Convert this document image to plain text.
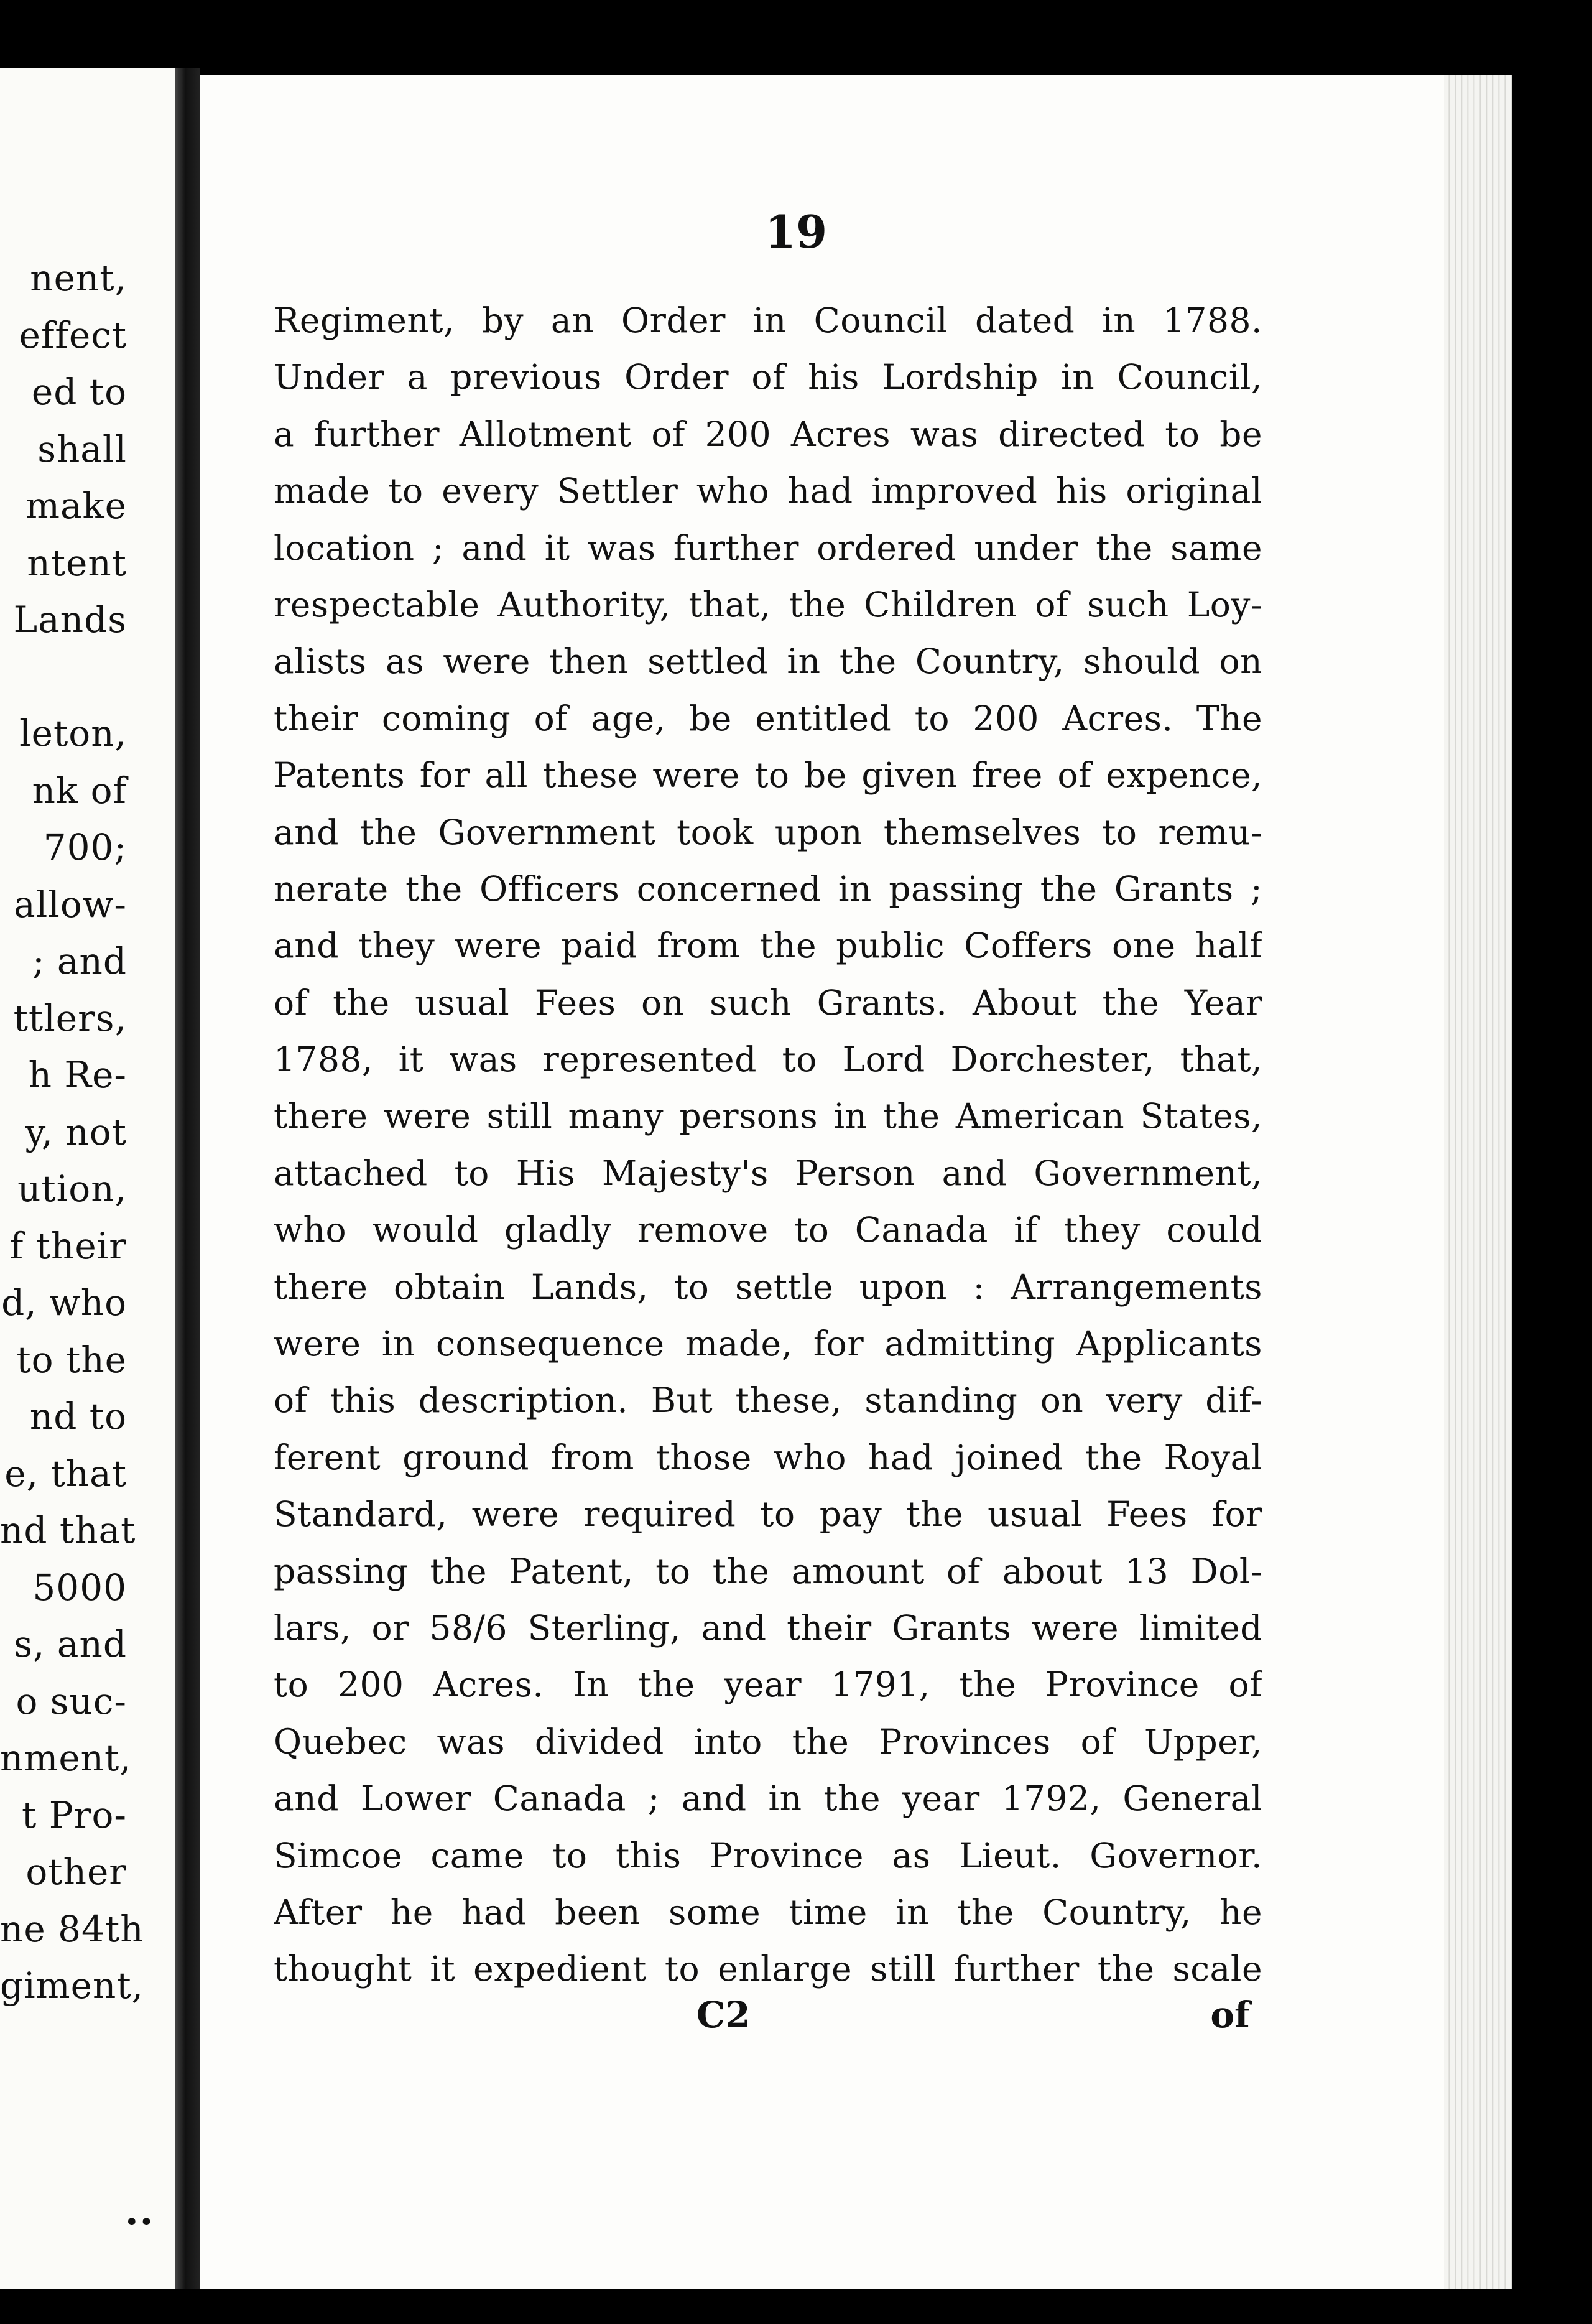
nent,
effect
ed to
shall
make
ntent
Lands
leton,
nk of
700;
allow-
; and
ttlers,
h Re-
y, not
ution,
f their
d, who
to the
nd to
e, that
nd that
5000
s, and
o suc-
nment,
t Pro-
other
ne 84th
giment,
••
19
Regiment, by an Order in Council dated in 1788.
Under a previous Order of his Lordship in Council,
a further Allotment of 200 Acres was directed to be
made to every Settler who had improved his original
location ; and it was further ordered under the same
respectable Authority, that, the Children of such Loy-
alists as were then settled in the Country, should on
their coming of age, be entitled to 200 Acres. The
Patents for all these were to be given free of expence,
and the Government took upon themselves to remu-
nerate the Officers concerned in passing the Grants ;
and they were paid from the public Coffers one half
of the usual Fees on such Grants. About the Year
1788, it was represented to Lord Dorchester, that,
there were still many persons in the American States,
attached to His Majesty's Person and Government,
who would gladly remove to Canada if they could
there obtain Lands, to settle upon : Arrangements
were in consequence made, for admitting Applicants
of this description. But these, standing on very dif-
ferent ground from those who had joined the Royal
Standard, were required to pay the usual Fees for
passing the Patent, to the amount of about 13 Dol-
lars, or 58/6 Sterling, and their Grants were limited
to 200 Acres. In the year 1791, the Province of
Quebec was divided into the Provinces of Upper,
and Lower Canada ; and in the year 1792, General
Simcoe came to this Province as Lieut. Governor.
After he had been some time in the Country, he
thought it expedient to enlarge still further the scale
C2	of
